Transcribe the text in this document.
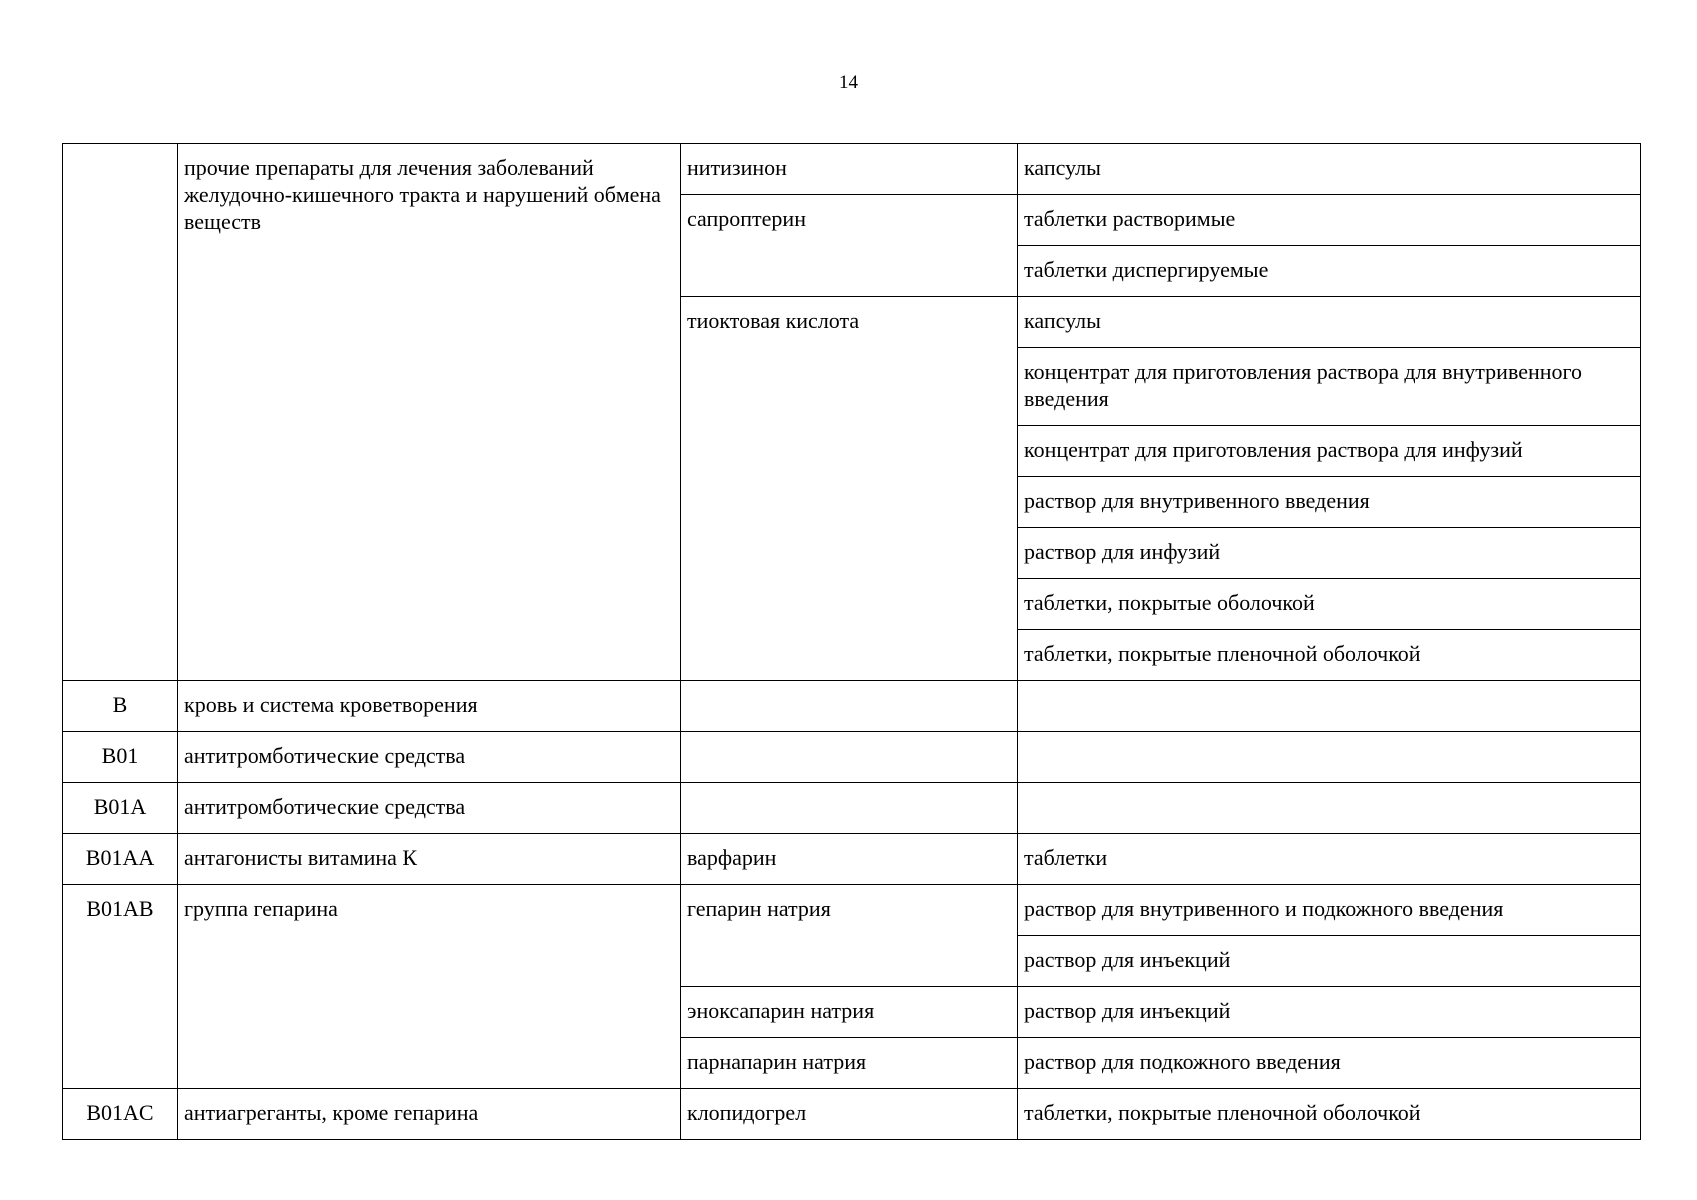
14
	прочие препараты для лечения заболеваний желудочно-кишечного тракта и нарушений обмена веществ	нитизинон	капсулы
		сапроптерин	таблетки растворимые
			таблетки диспергируемые
		тиоктовая кислота	капсулы
			концентрат для приготовления раствора для внутривенного введения
			концентрат для приготовления раствора для инфузий
			раствор для внутривенного введения
			раствор для инфузий
			таблетки, покрытые оболочкой
			таблетки, покрытые пленочной оболочкой
B	кровь и система кроветворения		
B01	антитромботические средства		
B01A	антитромботические средства		
B01AA	антагонисты витамина К	варфарин	таблетки
B01AB	группа гепарина	гепарин натрия	раствор для внутривенного и подкожного введения
			раствор для инъекций
		эноксапарин натрия	раствор для инъекций
		парнапарин натрия	раствор для подкожного введения
B01AC	антиагреганты, кроме гепарина	клопидогрел	таблетки, покрытые пленочной оболочкой
